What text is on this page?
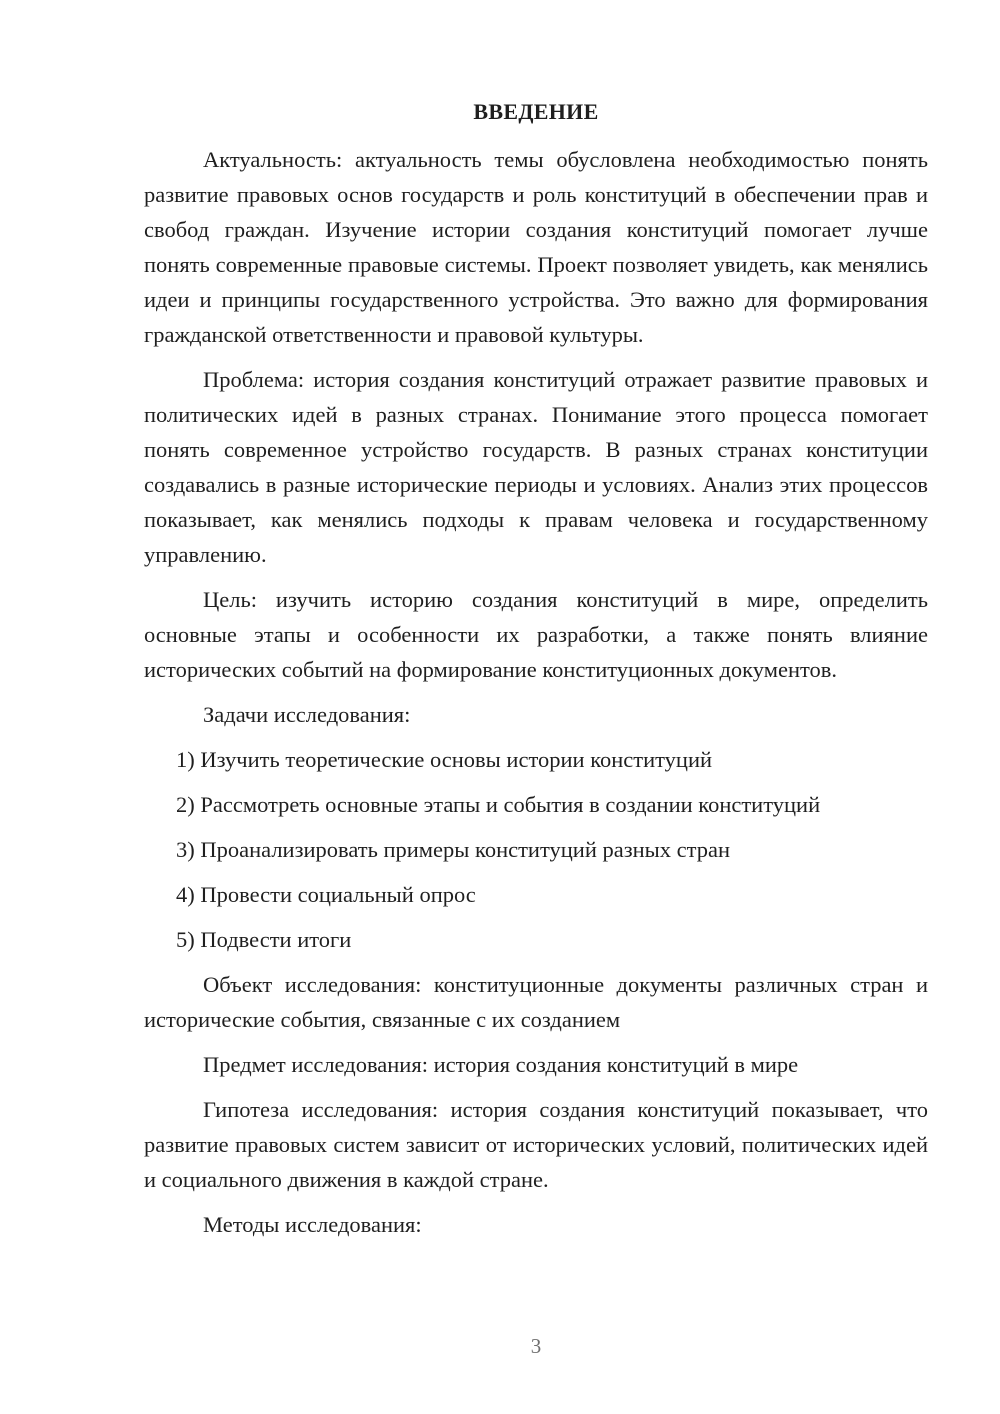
ВВЕДЕНИЕ

Актуальность: актуальность темы обусловлена необходимостью понять развитие правовых основ государств и роль конституций в обеспечении прав и свобод граждан. Изучение истории создания конституций помогает лучше понять современные правовые системы. Проект позволяет увидеть, как менялись идеи и принципы государственного устройства. Это важно для формирования гражданской ответственности и правовой культуры.

Проблема: история создания конституций отражает развитие правовых и политических идей в разных странах. Понимание этого процесса помогает понять современное устройство государств. В разных странах конституции создавались в разные исторические периоды и условиях. Анализ этих процессов показывает, как менялись подходы к правам человека и государственному управлению.

Цель: изучить историю создания конституций в мире, определить основные этапы и особенности их разработки, а также понять влияние исторических событий на формирование конституционных документов.

Задачи исследования:

1) Изучить теоретические основы истории конституций
2) Рассмотреть основные этапы и события в создании конституций
3) Проанализировать примеры конституций разных стран
4) Провести социальный опрос
5) Подвести итоги

Объект исследования: конституционные документы различных стран и исторические события, связанные с их созданием

Предмет исследования: история создания конституций в мире

Гипотеза исследования: история создания конституций показывает, что развитие правовых систем зависит от исторических условий, политических идей и социального движения в каждой стране.

Методы исследования:

3
